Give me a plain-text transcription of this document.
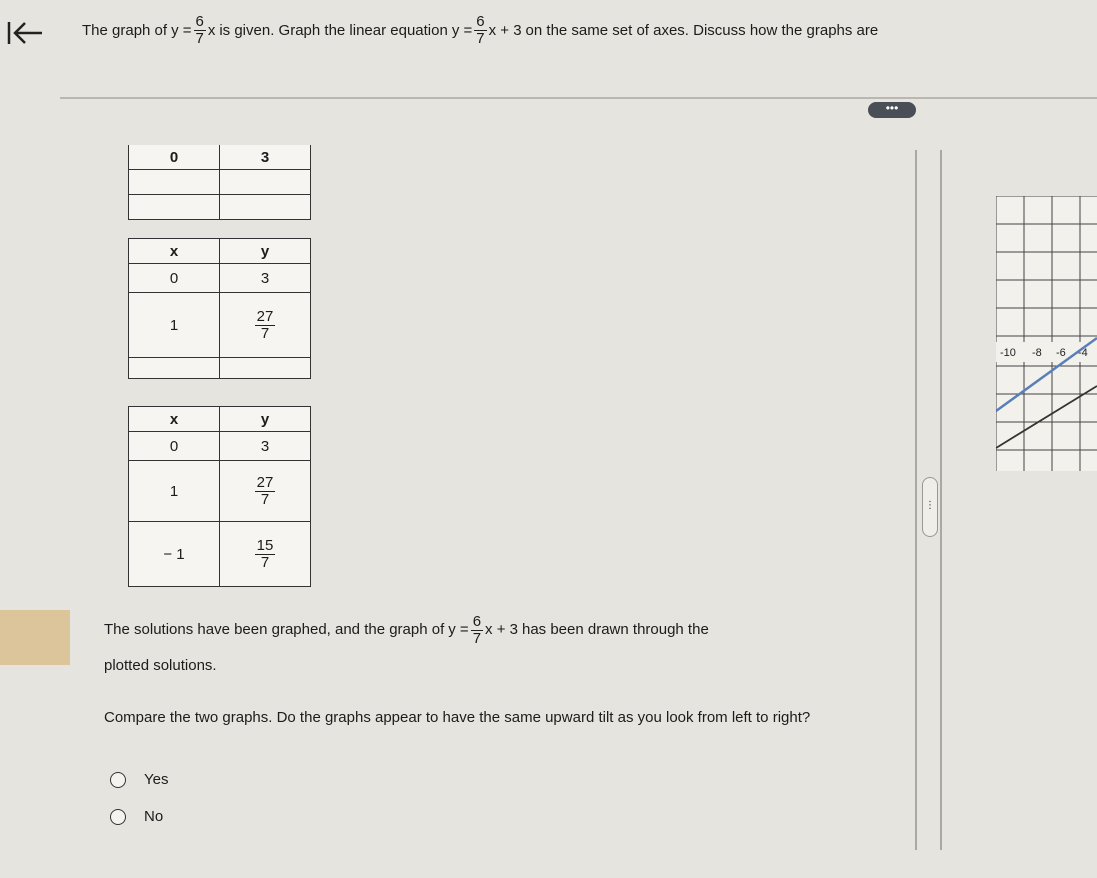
The graph of $y = \frac{6}{7}$ x is given. Graph the linear equation $y = \frac{6}{7}$ x + 3 on the same set of axes. Discuss how the graphs are
•••
0	3

x	y
0	3
1	$\frac{27}{7}$

x	y
0	3
1	$\frac{27}{7}$

− 1	$\frac{15}{7}$
-10 -8 -6 -4
⋮
The solutions have been graphed, and the graph of $y = \frac{6}{7}$ x + 3 has been drawn through the
plotted solutions.
Compare the two graphs. Do the graphs appear to have the same upward tilt as you look from left to right?
Yes
No
